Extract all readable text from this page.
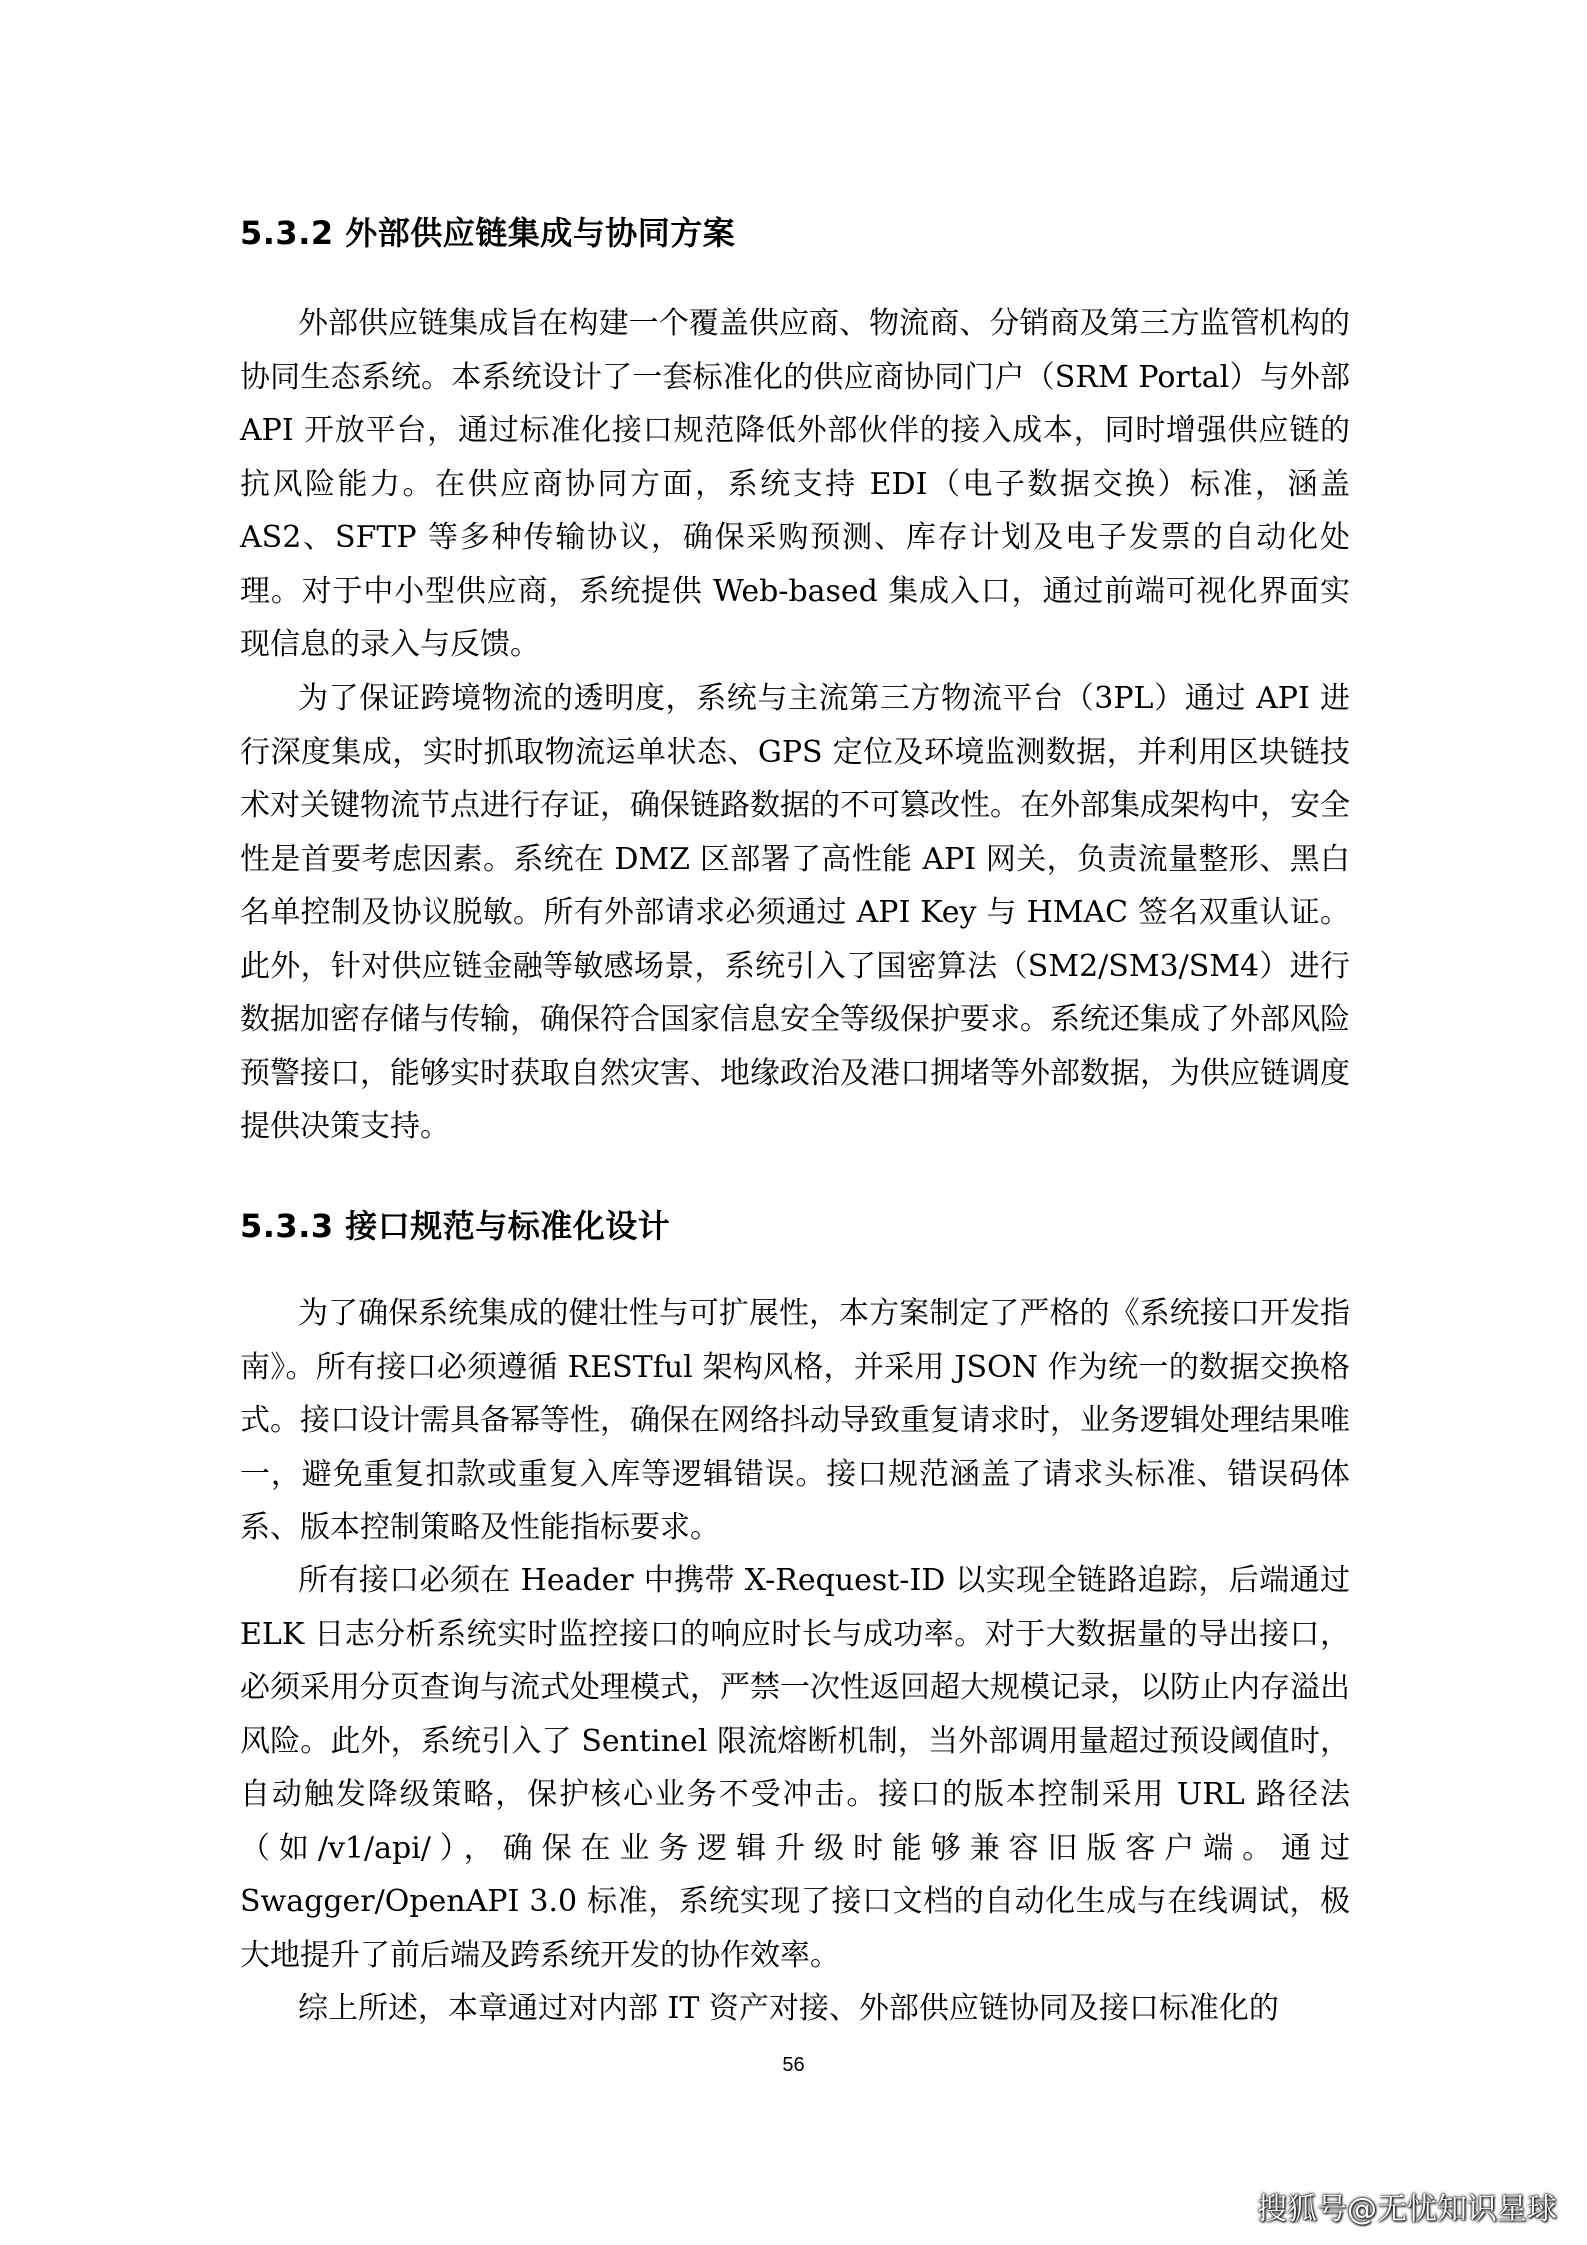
5.3.2 外部供应链集成与协同方案

外部供应链集成旨在构建一个覆盖供应商、物流商、分销商及第三方监管机构的协同生态系统。本系统设计了一套标准化的供应商协同门户（SRM Portal）与外部 API 开放平台，通过标准化接口规范降低外部伙伴的接入成本，同时增强供应链的抗风险能力。在供应商协同方面，系统支持 EDI（电子数据交换）标准，涵盖 AS2、SFTP 等多种传输协议，确保采购预测、库存计划及电子发票的自动化处理。对于中小型供应商，系统提供 Web-based 集成入口，通过前端可视化界面实现信息的录入与反馈。

为了保证跨境物流的透明度，系统与主流第三方物流平台（3PL）通过 API 进行深度集成，实时抓取物流运单状态、GPS 定位及环境监测数据，并利用区块链技术对关键物流节点进行存证，确保链路数据的不可篡改性。在外部集成架构中，安全性是首要考虑因素。系统在 DMZ 区部署了高性能 API 网关，负责流量整形、黑白名单控制及协议脱敏。所有外部请求必须通过 API Key 与 HMAC 签名双重认证。此外，针对供应链金融等敏感场景，系统引入了国密算法（SM2/SM3/SM4）进行数据加密存储与传输，确保符合国家信息安全等级保护要求。系统还集成了外部风险预警接口，能够实时获取自然灾害、地缘政治及港口拥堵等外部数据，为供应链调度提供决策支持。

5.3.3 接口规范与标准化设计

为了确保系统集成的健壮性与可扩展性，本方案制定了严格的《系统接口开发指南》。所有接口必须遵循 RESTful 架构风格，并采用 JSON 作为统一的数据交换格式。接口设计需具备幂等性，确保在网络抖动导致重复请求时，业务逻辑处理结果唯一，避免重复扣款或重复入库等逻辑错误。接口规范涵盖了请求头标准、错误码体系、版本控制策略及性能指标要求。

所有接口必须在 Header 中携带 X-Request-ID 以实现全链路追踪，后端通过 ELK 日志分析系统实时监控接口的响应时长与成功率。对于大数据量的导出接口，必须采用分页查询与流式处理模式，严禁一次性返回超大规模记录，以防止内存溢出风险。此外，系统引入了 Sentinel 限流熔断机制，当外部调用量超过预设阈值时，自动触发降级策略，保护核心业务不受冲击。接口的版本控制采用 URL 路径法（如/v1/api/），确保在业务逻辑升级时能够兼容旧版客户端。通过 Swagger/OpenAPI 3.0 标准，系统实现了接口文档的自动化生成与在线调试，极大地提升了前后端及跨系统开发的协作效率。

综上所述，本章通过对内部 IT 资产对接、外部供应链协同及接口标准化的

56
搜狐号@无忧知识星球
